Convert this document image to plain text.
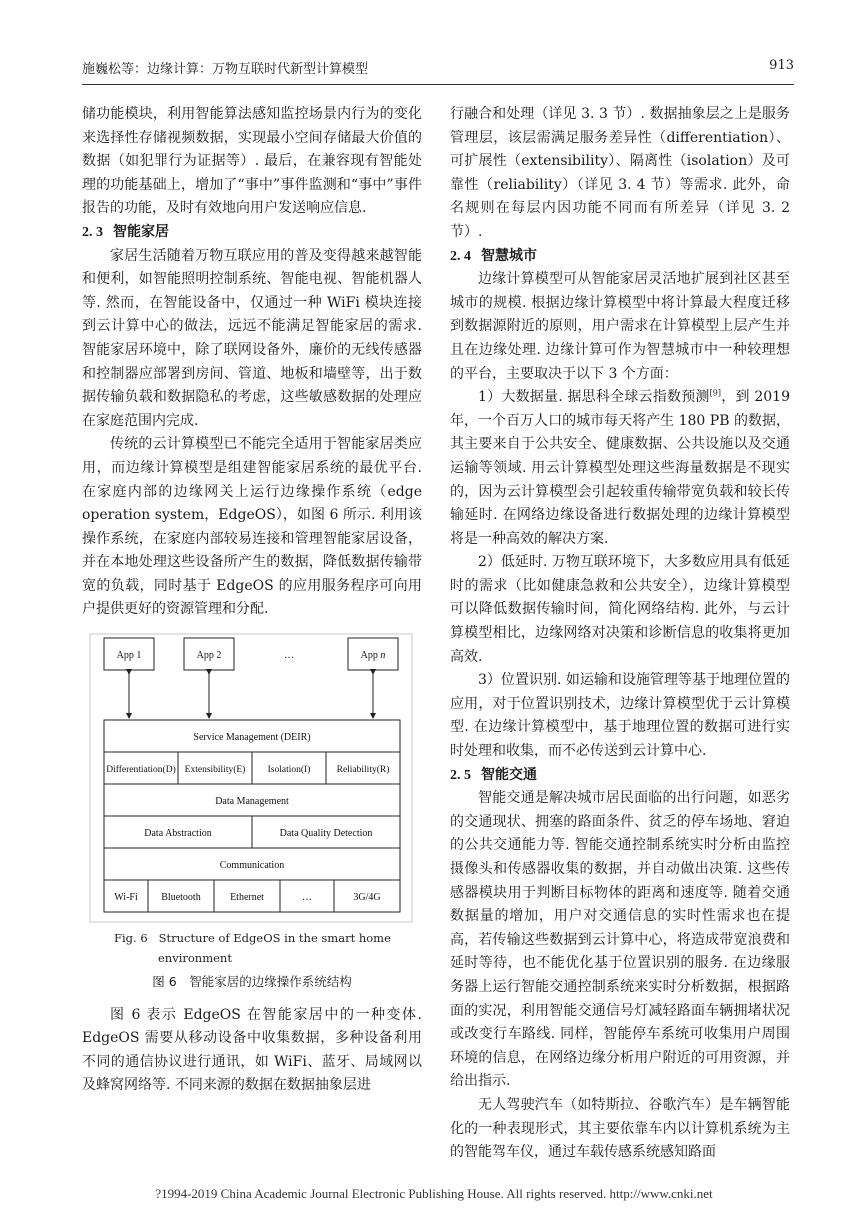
施巍松等：边缘计算：万物互联时代新型计算模型	913

储功能模块，利用智能算法感知监控场景内行为的变化来选择性存储视频数据，实现最小空间存储最大价值的数据（如犯罪行为证据等）. 最后，在兼容现有智能处理的功能基础上，增加了“事中”事件监测和“事中”事件报告的功能，及时有效地向用户发送响应信息.

2. 3 智能家居

家居生活随着万物互联应用的普及变得越来越智能和便利，如智能照明控制系统、智能电视、智能机器人等. 然而，在智能设备中，仅通过一种 WiFi 模块连接到云计算中心的做法，远远不能满足智能家居的需求. 智能家居环境中，除了联网设备外，廉价的无线传感器和控制器应部署到房间、管道、地板和墙壁等，出于数据传输负载和数据隐私的考虑，这些敏感数据的处理应在家庭范围内完成.

传统的云计算模型已不能完全适用于智能家居类应用，而边缘计算模型是组建智能家居系统的最优平台. 在家庭内部的边缘网关上运行边缘操作系统（edge operation system，EdgeOS），如图 6 所示. 利用该操作系统，在家庭内部较易连接和管理智能家居设备，并在本地处理这些设备所产生的数据，降低数据传输带宽的负载，同时基于 EdgeOS 的应用服务程序可向用户提供更好的资源管理和分配.

App 1	App 2	…	App n
Service Management (DEIR)
Differentiation(D) Extensibility(E) Isolation(I)	Reliability(R)
Data Management
Data Abstraction	Data Quality Detection
Communication
Wi-Fi Bluetooth	Ethernet	…	3G/4G
Fig. 6 Structure of EdgeOS in the smart home
environment
图 6　智能家居的边缘操作系统结构

图 6 表示 EdgeOS 在智能家居中的一种变体. EdgeOS 需要从移动设备中收集数据，多种设备利用不同的通信协议进行通讯，如 WiFi、蓝牙、局域网以及蜂窝网络等. 不同来源的数据在数据抽象层进

行融合和处理（详见 3. 3 节）. 数据抽象层之上是服务管理层，该层需满足服务差异性（differentiation）、可扩展性（extensibility）、隔离性（isolation）及可靠性（reliability）（详见 3. 4 节）等需求. 此外，命名规则在每层内因功能不同而有所差异（详见 3. 2 节）.

2. 4 智慧城市

边缘计算模型可从智能家居灵活地扩展到社区甚至城市的规模. 根据边缘计算模型中将计算最大程度迁移到数据源附近的原则，用户需求在计算模型上层产生并且在边缘处理. 边缘计算可作为智慧城市中一种较理想的平台，主要取决于以下 3 个方面：

1）大数据量. 据思科全球云指数预测[9]，到 2019 年，一个百万人口的城市每天将产生 180 PB 的数据，其主要来自于公共安全、健康数据、公共设施以及交通运输等领域. 用云计算模型处理这些海量数据是不现实的，因为云计算模型会引起较重传输带宽负载和较长传输延时. 在网络边缘设备进行数据处理的边缘计算模型将是一种高效的解决方案.

2）低延时. 万物互联环境下，大多数应用具有低延时的需求（比如健康急救和公共安全），边缘计算模型可以降低数据传输时间，简化网络结构. 此外，与云计算模型相比，边缘网络对决策和诊断信息的收集将更加高效.

3）位置识别. 如运输和设施管理等基于地理位置的应用，对于位置识别技术，边缘计算模型优于云计算模型. 在边缘计算模型中，基于地理位置的数据可进行实时处理和收集，而不必传送到云计算中心.

2. 5 智能交通

智能交通是解决城市居民面临的出行问题，如恶劣的交通现状、拥塞的路面条件、贫乏的停车场地、窘迫的公共交通能力等. 智能交通控制系统实时分析由监控摄像头和传感器收集的数据，并自动做出决策. 这些传感器模块用于判断目标物体的距离和速度等. 随着交通数据量的增加，用户对交通信息的实时性需求也在提高，若传输这些数据到云计算中心，将造成带宽浪费和延时等待，也不能优化基于位置识别的服务. 在边缘服务器上运行智能交通控制系统来实时分析数据，根据路面的实况，利用智能交通信号灯减轻路面车辆拥堵状况或改变行车路线. 同样，智能停车系统可收集用户周围环境的信息，在网络边缘分析用户附近的可用资源，并给出指示.

无人驾驶汽车（如特斯拉、谷歌汽车）是车辆智能化的一种表现形式，其主要依靠车内以计算机系统为主的智能驾车仪，通过车载传感系统感知路面

?1994-2019 China Academic Journal Electronic Publishing House. All rights reserved. http://www.cnki.net
